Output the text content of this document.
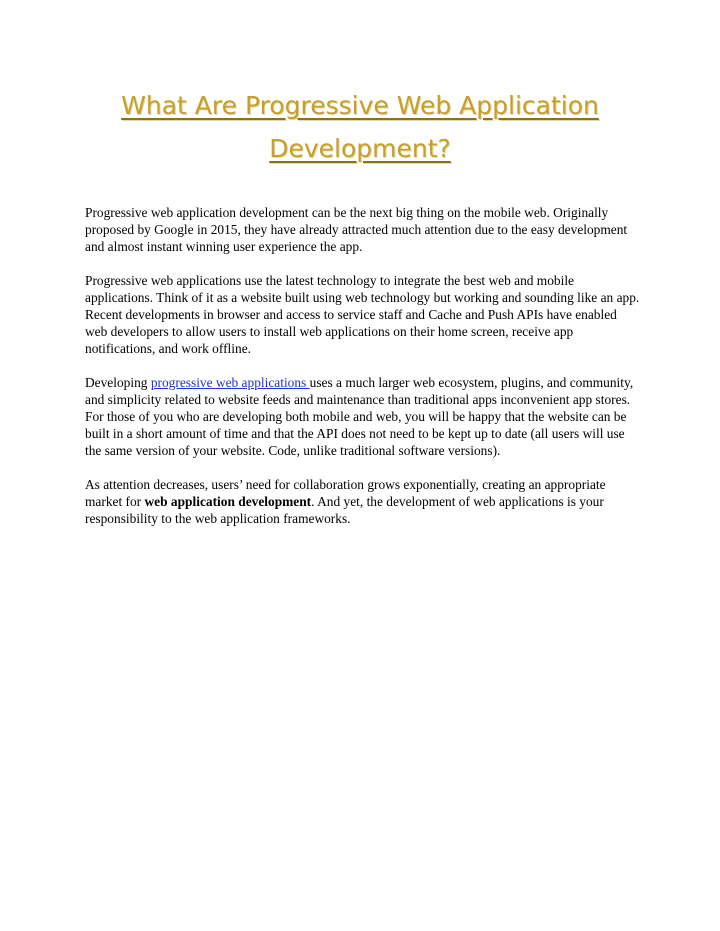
What Are Progressive Web Application Development?

Progressive web application development can be the next big thing on the mobile web. Originally proposed by Google in 2015, they have already attracted much attention due to the easy development and almost instant winning user experience the app.

Progressive web applications use the latest technology to integrate the best web and mobile applications. Think of it as a website built using web technology but working and sounding like an app. Recent developments in browser and access to service staff and Cache and Push APIs have enabled web developers to allow users to install web applications on their home screen, receive app notifications, and work offline.

Developing progressive web applications uses a much larger web ecosystem, plugins, and community, and simplicity related to website feeds and maintenance than traditional apps inconvenient app stores. For those of you who are developing both mobile and web, you will be happy that the website can be built in a short amount of time and that the API does not need to be kept up to date (all users will use the same version of your website. Code, unlike traditional software versions).

As attention decreases, users’ need for collaboration grows exponentially, creating an appropriate market for web application development. And yet, the development of web applications is your responsibility to the web application frameworks.
